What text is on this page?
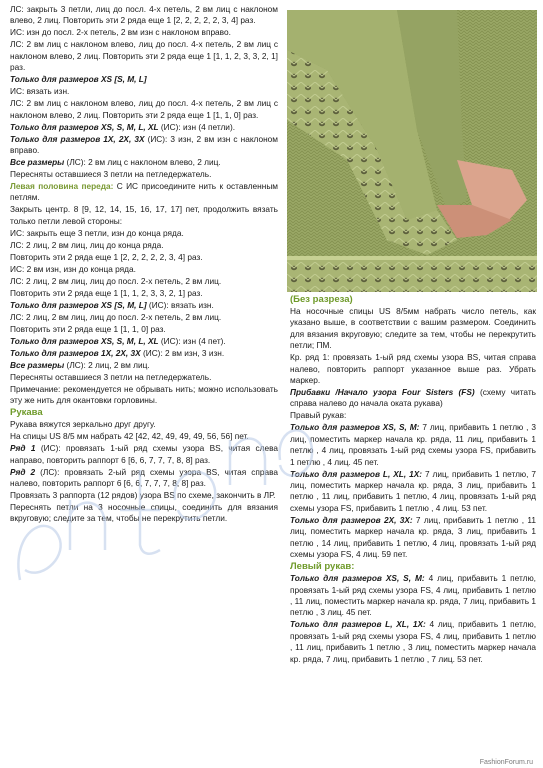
ЛС: закрыть 3 петли, лиц до посл. 4-х петель, 2 вм лиц с наклоном влево, 2 лиц. Повторить эти 2 ряда еще 1 [2, 2, 2, 2, 2, 3, 4] раз.

ИС: изн до посл. 2-х петель, 2 вм изн с наклоном вправо.

ЛС: 2 вм лиц с наклоном влево, лиц до посл. 4-х петель, 2 вм лиц с наклоном влево, 2 лиц. Повторить эти 2 ряда еще 1 [1, 1, 2, 3, 3, 2, 1] раз.

Только для размеров XS [S, M, L]

ИС: вязать изн.

ЛС: 2 вм лиц с наклоном влево, лиц до посл. 4-х петель, 2 вм лиц с наклоном влево, 2 лиц. Повторить эти 2 ряда еще 1 [1, 1, 0] раз.

Только для размеров XS, S, M, L, XL (ИС): изн (4 петли).

Только для размеров 1X, 2X, 3X (ИС): 3 изн, 2 вм изн с наклоном вправо.

Все размеры (ЛС): 2 вм лиц с наклоном влево, 2 лиц.

Пересняты оставшиеся 3 петли на петледержатель.

Левая половина переда: С ИС присоедините нить к оставленным петлям.

Закрыть центр. 8 [9, 12, 14, 15, 16, 17, 17] пет, продолжить вязать только петли левой стороны:

ИС: закрыть еще 3 петли, изн до конца ряда.

ЛС: 2 лиц, 2 вм лиц, лиц до конца ряда.

Повторить эти 2 ряда еще 1 [2, 2, 2, 2, 2, 3, 4] раз.

ИС: 2 вм изн, изн до конца ряда.

ЛС: 2 лиц, 2 вм лиц, лиц до посл. 2-х петель, 2 вм лиц.

Повторить эти 2 ряда еще 1 [1, 1, 2, 3, 3, 2, 1] раз.

Только для размеров XS [S, M, L] (ИС): вязать изн.

ЛС: 2 лиц, 2 вм лиц, лиц до посл. 2-х петель, 2 вм лиц.

Повторить эти 2 ряда еще 1 [1, 1, 0] раз.

Только для размеров XS, S, M, L, XL (ИС): изн (4 пет).

Только для размеров 1X, 2X, 3X (ИС): 2 вм изн, 3 изн.

Все размеры (ЛС): 2 лиц, 2 вм лиц.

Пересняты оставшиеся 3 петли на петледержатель.

Примечание: рекомендуется не обрывать нить; можно использовать эту же нить для окантовки горловины.

Рукава

Рукава вяжутся зеркально друг другу.

На спицы US 8/5 мм набрать 42 [42, 42, 49, 49, 49, 56, 56] пет.

Ряд 1 (ИС): провязать 1-ый ряд схемы узора BS, читая слева направо, повторить раппорт 6 [6, 6, 7, 7, 7, 8, 8] раз.

Ряд 2 (ЛС): провязать 2-ый ряд схемы узора BS, читая справа налево, повторить раппорт 6 [6, 6, 7, 7, 7, 8, 8] раз.

Провязать 3 раппорта (12 рядов) узора BS по схеме, закончить в ЛР.

Переснять петли на 3 носочные спицы, соединить для вязания вкруговую; следите за тем, чтобы не перекрутить петли.

(Без разреза)

На носочные спицы US 8/5мм набрать число петель, как указано выше, в соответствии с вашим размером. Соединить для вязания вкруговую; следите за тем, чтобы не перекрутить петли; ПМ.

Кр. ряд 1: провязать 1-ый ряд схемы узора BS, читая справа налево, повторить раппорт указанное выше раз. Убрать маркер.

Прибавки /Начало узора Four Sisters (FS) (схему читать справа налево до начала оката рукава)

Правый рукав:

Только для размеров XS, S, M: 7 лиц, прибавить 1 петлю , 3 лиц, поместить маркер начала кр. ряда, 11 лиц, прибавить 1 петлю , 4 лиц, провязать 1-ый ряд схемы узора FS, прибавить 1 петлю , 4 лиц. 45 пет.

Только для размеров L, XL, 1X: 7 лиц, прибавить 1 петлю, 7 лиц, поместить маркер начала кр. ряда, 3 лиц, прибавить 1 петлю , 11 лиц, прибавить 1 петлю, 4 лиц, провязать 1-ый ряд схемы узора FS, прибавить 1 петлю , 4 лиц. 53 пет.

Только для размеров 2X, 3X: 7 лиц, прибавить 1 петлю , 11 лиц, поместить маркер начала кр. ряда, 3 лиц, прибавить 1 петлю , 14 лиц, прибавить 1 петлю, 4 лиц, провязать 1-ый ряд схемы узора FS, 4 лиц. 59 пет.

Левый рукав:

Только для размеров XS, S, M: 4 лиц, прибавить 1 петлю, провязать 1-ый ряд схемы узора FS, 4 лиц, прибавить 1 петлю , 11 лиц, поместить маркер начала кр. ряда, 7 лиц, прибавить 1 петлю , 3 лиц. 45 пет.

Только для размеров L, XL, 1X: 4 лиц, прибавить 1 петлю, провязать 1-ый ряд схемы узора FS, 4 лиц, прибавить 1 петлю , 11 лиц, прибавить 1 петлю , 3 лиц, поместить маркер начала кр. ряда, 7 лиц, прибавить 1 петлю , 7 лиц. 53 пет.

FashionForum.ru
